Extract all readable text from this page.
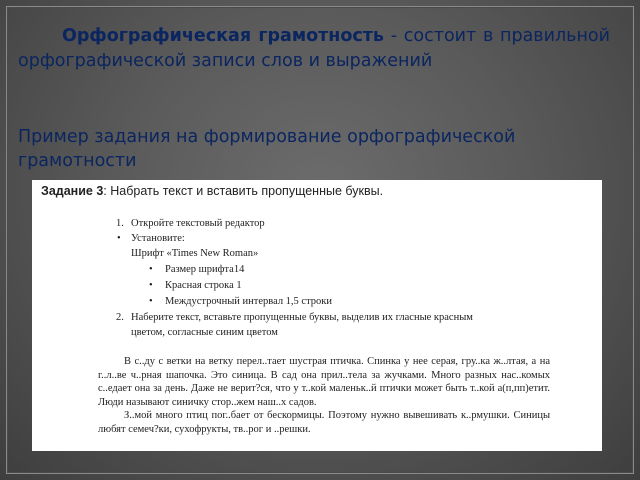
Орфографическая грамотность - состоит в правильной орфографической записи слов и выражений
Пример задания на формирование орфографической грамотности
Задание 3: Набрать текст и вставить пропущенные буквы.
1. Откройте текстовый редактор
• Установите:
Шрифт «Times New Roman»
• Размер шрифта14
• Красная строка 1
• Междустрочный интервал 1,5 строки
2. Наберите текст, вставьте пропущенные буквы, выделив их гласные красным
цветом, согласные синим цветом

В с..ду с ветки на ветку перел..тает шустрая птичка. Спинка у нее серая, гру..ка ж..лтая, а на г..л..ве ч..рная шапочка. Это синица. В сад она прил..тела за жучками. Много разных нас..комых с..едает она за день. Даже не верит?ся, что у т..кой маленьк..й птички может быть т..кой а(п,пп)етит. Люди называют синичку стор..жем наш..х садов.

З..мой много птиц пог..бает от бескормицы. Поэтому нужно вывешивать к..рмушки. Синицы любят семеч?ки, сухофрукты, тв..рог и ..решки.
